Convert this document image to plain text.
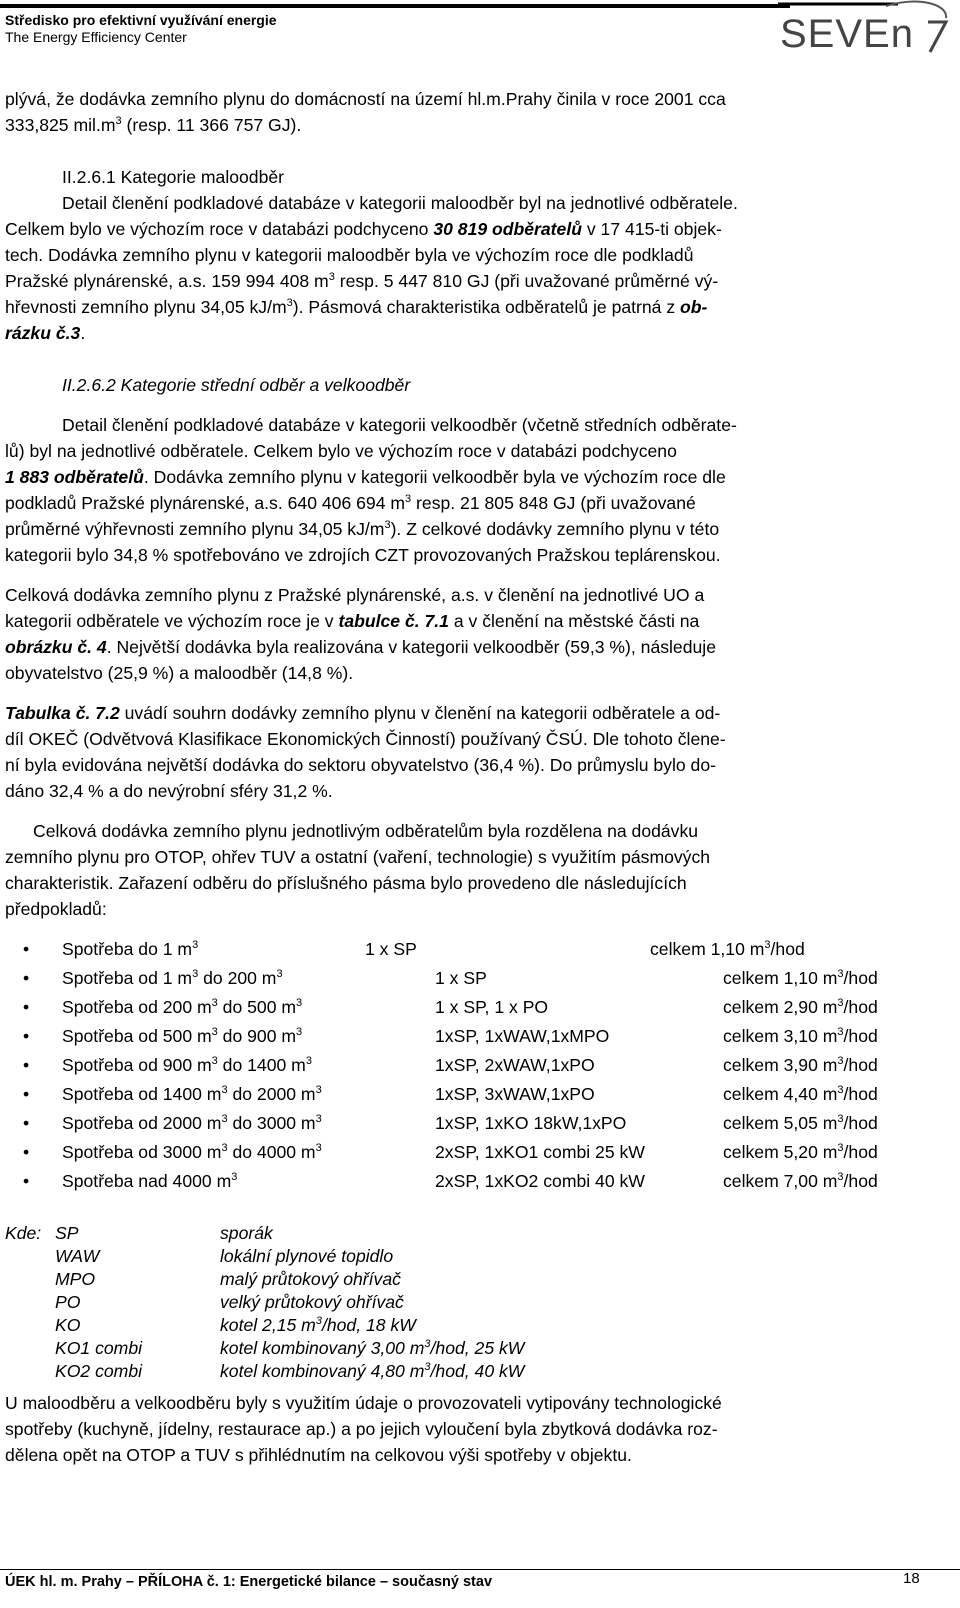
Středisko pro efektivní využívání energie
The Energy Efficiency Center	SEVEn

plývá, že dodávka zemního plynu do domácností na území hl.m.Prahy činila v roce 2001 cca
333,825 $mil.m^3$ (resp. 11 366 757 GJ).

II.2.6.1 Kategorie maloodběr

Detail členění podkladové databáze v kategorii maloodběr byl na jednotlivé odběratele.

Celkem bylo ve výchozím roce v databázi podchyceno 30 819 odběratelů v 17 415-ti objek-
tech. Dodávka zemního plynu v kategorii maloodběr byla ve výchozím roce dle podkladů
Pražské plynárenské, a.s. 159 994 408 $m^3$ resp. 5 447 810 GJ (při uvažované průměrné vý-
hřevnosti zemního plynu 34,05 $kJ/m^3$). Pásmová charakteristika odběratelů je patrná z ob-
rázku č.3.

II.2.6.2 Kategorie střední odběr a velkoodběr

Detail členění podkladové databáze v kategorii velkoodběr (včetně středních odběrate-
lů) byl na jednotlivé odběratele. Celkem bylo ve výchozím roce v databázi podchyceno
1 883 odběratelů. Dodávka zemního plynu v kategorii velkoodběr byla ve výchozím roce dle
podkladů Pražské plynárenské, a.s. 640 406 694 $m^3$ resp. 21 805 848 GJ (při uvažované
průměrné výhřevnosti zemního plynu 34,05 $kJ/m^3$). Z celkové dodávky zemního plynu v této
kategorii bylo 34,8 % spotřebováno ve zdrojích CZT provozovaných Pražskou teplárenskou.

Celková dodávka zemního plynu z Pražské plynárenské, a.s. v členění na jednotlivé UO a
kategorii odběratele ve výchozím roce je v tabulce č. 7.1 a v členění na městské části na
obrázku č. 4. Největší dodávka byla realizována v kategorii velkoodběr (59,3 %), následuje
obyvatelstvo (25,9 %) a maloodběr (14,8 %).

Tabulka č. 7.2 uvádí souhrn dodávky zemního plynu v členění na kategorii odběratele a od-
díl OKEČ (Odvětvová Klasifikace Ekonomických Činností) používaný ČSÚ. Dle tohoto člene-
ní byla evidována největší dodávka do sektoru obyvatelstvo (36,4 %). Do průmyslu bylo do-
dáno 32,4 % a do nevýrobní sféry 31,2 %.

Celková dodávka zemního plynu jednotlivým odběratelům byla rozdělena na dodávku
zemního plynu pro OTOP, ohřev TUV a ostatní (vaření, technologie) s využitím pásmových
charakteristik. Zařazení odběru do příslušného pásma bylo provedeno dle následujících
předpokladů:

• Spotřeba do 1 $m^3$	1 x SP	celkem 1,10 $m^3$/hod
• Spotřeba od 1 $m^3$ do 200 $m^3$	1 x SP	celkem 1,10 $m^3$/hod
• Spotřeba od 200 $m^3$ do 500 $m^3$	1 x SP, 1 x PO	celkem 2,90 $m^3$/hod
• Spotřeba od 500 $m^3$ do 900 $m^3$	1xSP, 1xWAW,1xMPO	celkem 3,10 $m^3$/hod
• Spotřeba od 900 $m^3$ do 1400 $m^3$	1xSP, 2xWAW,1xPO	celkem 3,90 $m^3$/hod
• Spotřeba od 1400 $m^3$ do 2000 $m^3$	1xSP, 3xWAW,1xPO	celkem 4,40 $m^3$/hod
• Spotřeba od 2000 $m^3$ do 3000 $m^3$	1xSP, 1xKO 18kW,1xPO	celkem 5,05 $m^3$/hod
• Spotřeba od 3000 $m^3$ do 4000 $m^3$	2xSP, 1xKO1 combi 25 kW	celkem 5,20 $m^3$/hod
• Spotřeba nad 4000 $m^3$	2xSP, 1xKO2 combi 40 kW	celkem 7,00 $m^3$/hod
Kde: SP	sporák
WAW	lokální plynové topidlo
MPO	malý průtokový ohřívač
PO	velký průtokový ohřívač
KO	kotel 2,15 $m^3$/hod, 18 kW
KO1 combi	kotel kombinovaný 3,00 $m^3$/hod, 25 kW
KO2 combi	kotel kombinovaný 4,80 $m^3$/hod, 40 kW

U maloodběru a velkoodběru byly s využitím údaje o provozovateli vytipovány technologické
spotřeby (kuchyně, jídelny, restaurace ap.) a po jejich vyloučení byla zbytková dodávka roz-
dělena opět na OTOP a TUV s přihlédnutím na celkovou výši spotřeby v objektu.

ÚEK hl. m. Prahy – PŘÍLOHA č. 1: Energetické bilance – současný stav	18
